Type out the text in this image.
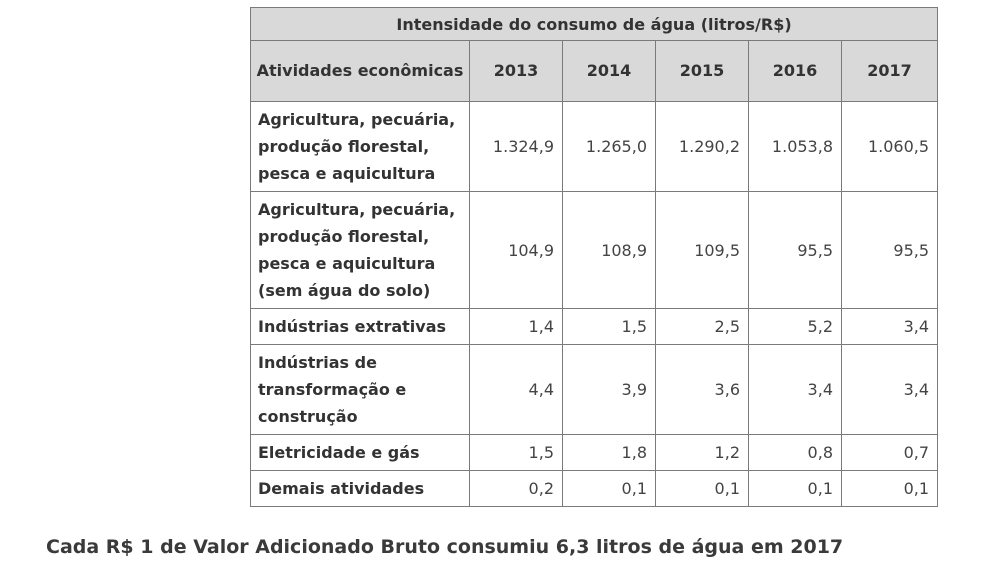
Intensidade do consumo de água (litros/R$)					
Atividades econômicas	2013	2014	2015	2016	2017
Agricultura, pecuária, produção florestal, pesca e aquicultura	1.324,9	1.265,0	1.290,2	1.053,8	1.060,5
Agricultura, pecuária, produção florestal, pesca e aquicultura (sem água do solo)	104,9	108,9	109,5	95,5	95,5
Indústrias extrativas	1,4	1,5	2,5	5,2	3,4
Indústrias de transformação e construção	4,4	3,9	3,6	3,4	3,4
Eletricidade e gás	1,5	1,8	1,2	0,8	0,7
Demais atividades	0,2	0,1	0,1	0,1	0,1
Cada R$ 1 de Valor Adicionado Bruto consumiu 6,3 litros de água em 2017
